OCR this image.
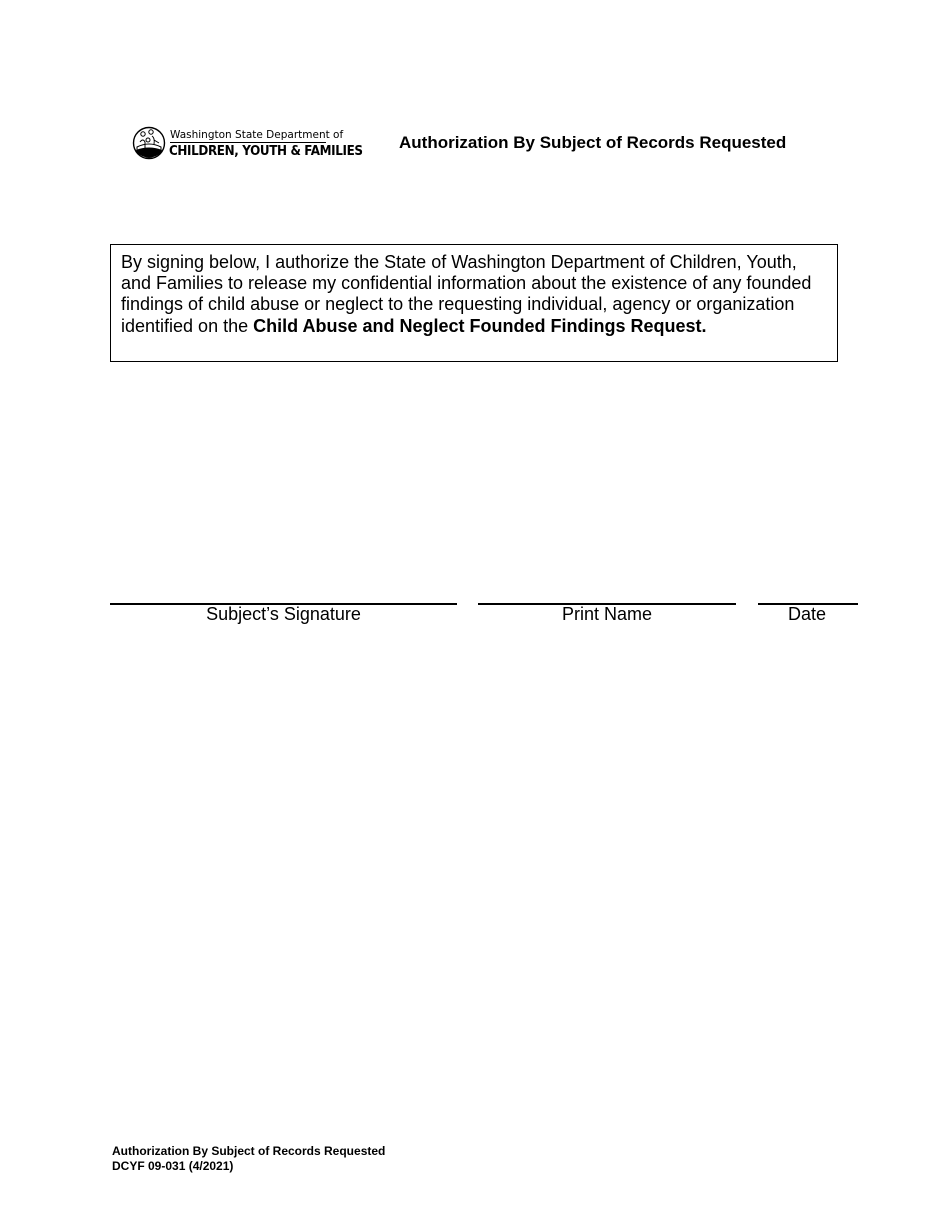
Washington State Department of
CHILDREN, YOUTH & FAMILIES Authorization By Subject of Records Requested
By signing below, I authorize the State of Washington Department of Children, Youth, and Families to release my confidential information about the existence of any founded findings of child abuse or neglect to the requesting individual, agency or organization identified on the Child Abuse and Neglect Founded Findings Request.
Subject’s Signature	Print Name	Date
Authorization By Subject of Records Requested
DCYF 09-031 (4/2021)
